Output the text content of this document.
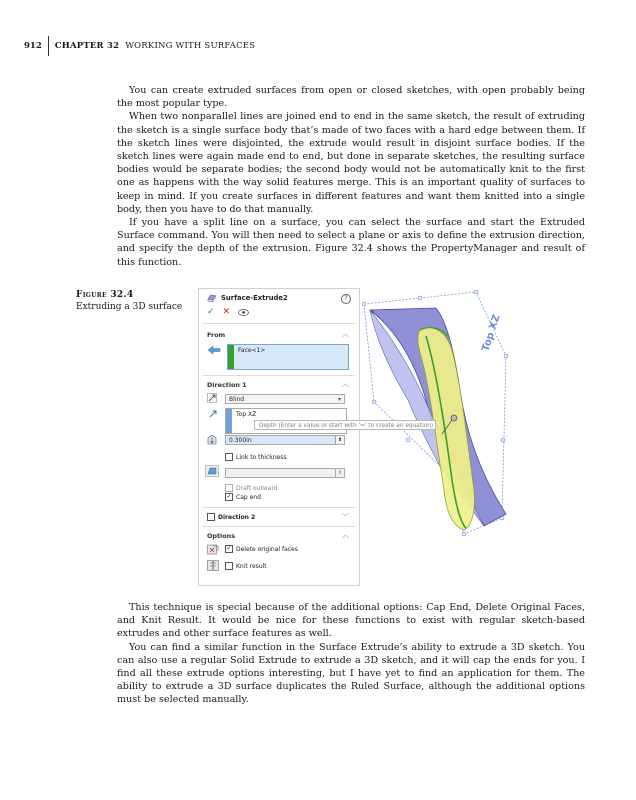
912 CHAPTER 32 WORKING WITH SURFACES

You can create extruded surfaces from open or closed sketches, with open probably being the most popular type.

When two nonparallel lines are joined end to end in the same sketch, the result of extruding the sketch is a single surface body that’s made of two faces with a hard edge between them. If the sketch lines were disjointed, the extrude would result in disjoint surface bodies. If the sketch lines were again made end to end, but done in separate sketches, the resulting surface bodies would be separate bodies; the second body would not be automatically knit to the first one as happens with the way solid features merge. This is an important quality of surfaces to keep in mind. If you create surfaces in different features and want them knitted into a single body, then you have to do that manually.

If you have a split line on a surface, you can select the surface and start the Extruded Surface command. You will then need to select a plane or axis to define the extrusion direction, and specify the depth of the extrusion. Figure 32.4 shows the PropertyManager and result of this function.

Figure 32.4
Extruding a 3D surface
Surface-Extrude2	?
✓ ✕
From	︿
Face<1>
Direction 1	︿
Blind	▾
Top XZ
0.300in	⬍
Link to thickness
⬍
Draft outward
✓ Cap end
Direction 2	﹀
Options	︿
✓ Delete original faces
Knit result
Top XZ
✕
Depth (Enter a value or start with '=' to create an equation)

This technique is special because of the additional options: Cap End, Delete Original Faces, and Knit Result. It would be nice for these functions to exist with regular sketch-based extrudes and other surface features as well.

You can find a similar function in the Surface Extrude’s ability to extrude a 3D sketch. You can also use a regular Solid Extrude to extrude a 3D sketch, and it will cap the ends for you. I find all these extrude options interesting, but I have yet to find an application for them. The ability to extrude a 3D surface duplicates the Ruled Surface, although the additional options must be selected manually.
